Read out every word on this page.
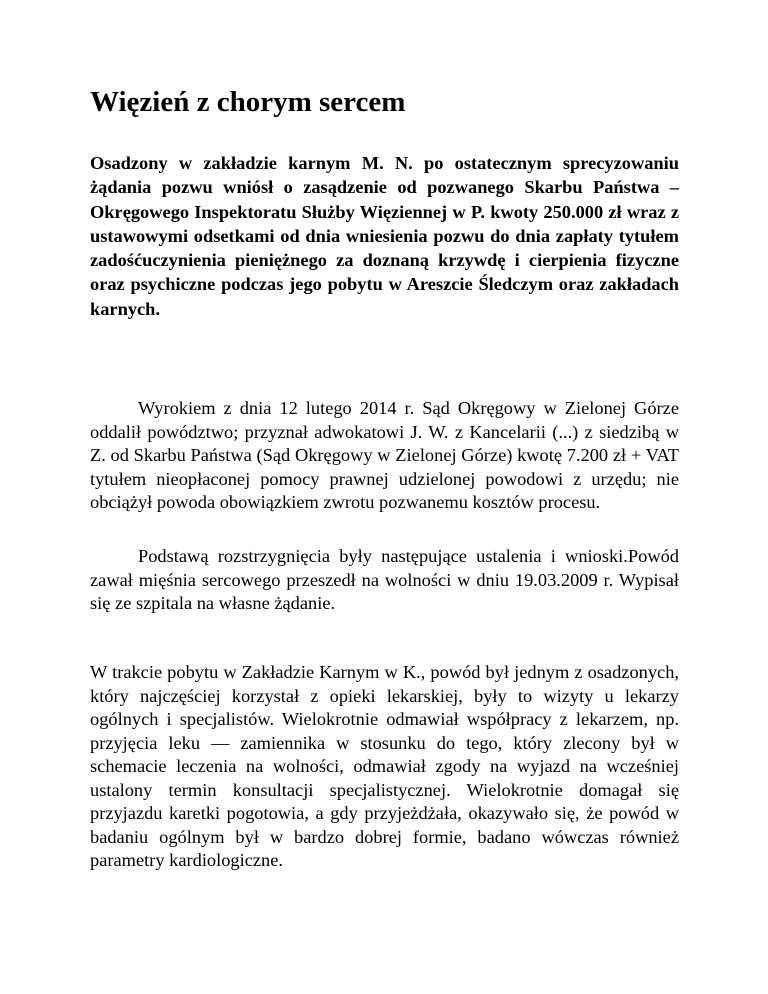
Więzień z chorym sercem

Osadzony w zakładzie karnym M. N. po ostatecznym sprecyzowaniu żądania pozwu wniósł o zasądzenie od pozwanego Skarbu Państwa – Okręgowego Inspektoratu Służby Więziennej w P. kwoty 250.000 zł wraz z ustawowymi odsetkami od dnia wniesienia pozwu do dnia zapłaty tytułem zadośćuczynienia pieniężnego za doznaną krzywdę i cierpienia fizyczne oraz psychiczne podczas jego pobytu w Areszcie Śledczym oraz zakładach karnych.

Wyrokiem z dnia 12 lutego 2014 r. Sąd Okręgowy w Zielonej Górze oddalił powództwo; przyznał adwokatowi J. W. z Kancelarii (...) z siedzibą w Z. od Skarbu Państwa (Sąd Okręgowy w Zielonej Górze) kwotę 7.200 zł + VAT tytułem nieopłaconej pomocy prawnej udzielonej powodowi z urzędu; nie obciążył powoda obowiązkiem zwrotu pozwanemu kosztów procesu.

Podstawą rozstrzygnięcia były następujące ustalenia i wnioski.Powód zawał mięśnia sercowego przeszedł na wolności w dniu 19.03.2009 r. Wypisał się ze szpitala na własne żądanie.

W trakcie pobytu w Zakładzie Karnym w K., powód był jednym z osadzonych, który najczęściej korzystał z opieki lekarskiej, były to wizyty u lekarzy ogólnych i specjalistów. Wielokrotnie odmawiał współpracy z lekarzem, np. przyjęcia leku — zamiennika w stosunku do tego, który zlecony był w schemacie leczenia na wolności, odmawiał zgody na wyjazd na wcześniej ustalony termin konsultacji specjalistycznej. Wielokrotnie domagał się przyjazdu karetki pogotowia, a gdy przyjeżdżała, okazywało się, że powód w badaniu ogólnym był w bardzo dobrej formie, badano wówczas również parametry kardiologiczne.
